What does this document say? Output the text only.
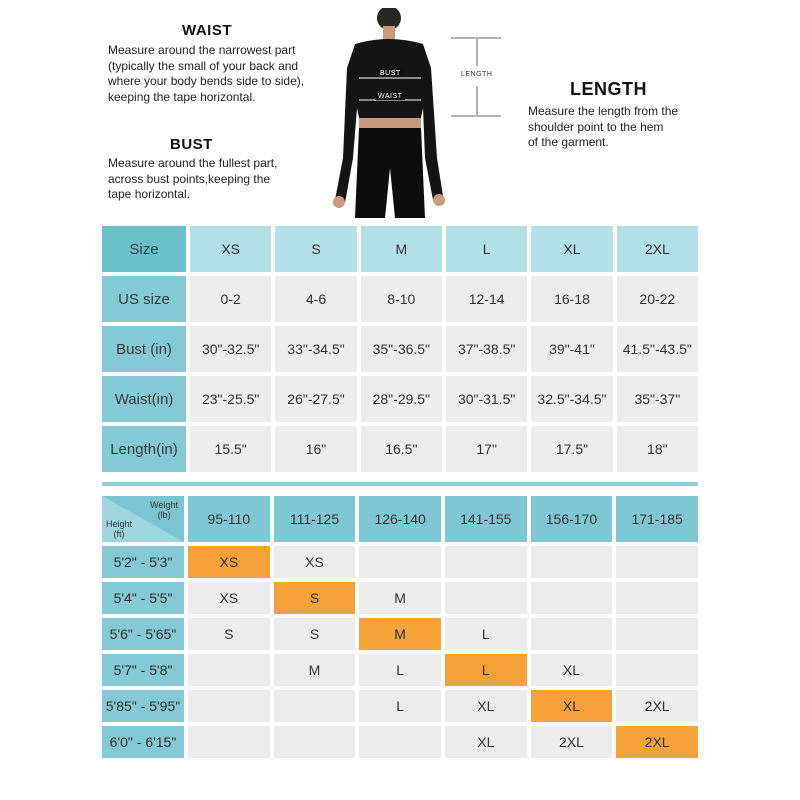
WAIST
Measure around the narrowest part
(typically the small of your back and
where your body bends side to side),
keeping the tape horizontal.
BUST
Measure around the fullest part,
across bust points,keeping the
tape horizontal.
LENGTH
Measure the length from the
shoulder point to the hem
of the garment.
BUST
WAIST
LENGTH
Size	XS	S	M	L	XL	2XL
US size	0-2	4-6	8-10	12-14	16-18	20-22
Bust (in)	30"-32.5"	33"-34.5"	35"-36.5"	37"-38.5"	39"-41"	41.5"-43.5"
Waist(in)	23"-25.5"	26"-27.5"	28"-29.5"	30"-31.5"	32.5"-34.5"	35"-37"
Length(in)	15.5"	16"	16.5"	17"	17.5"	18"
Weight
(lb)
Height
(ft)	95-110	111-125	126-140	141-155	156-170	171-185
5'2" - 5'3"	XS	XS				
5'4" - 5'5"	XS	S	M			
5'6" - 5'65"	S	S	M	L		
5'7" - 5'8"		M	L	L	XL	
5'85" - 5'95"			L	XL	XL	2XL
6'0" - 6'15"				XL	2XL	2XL
